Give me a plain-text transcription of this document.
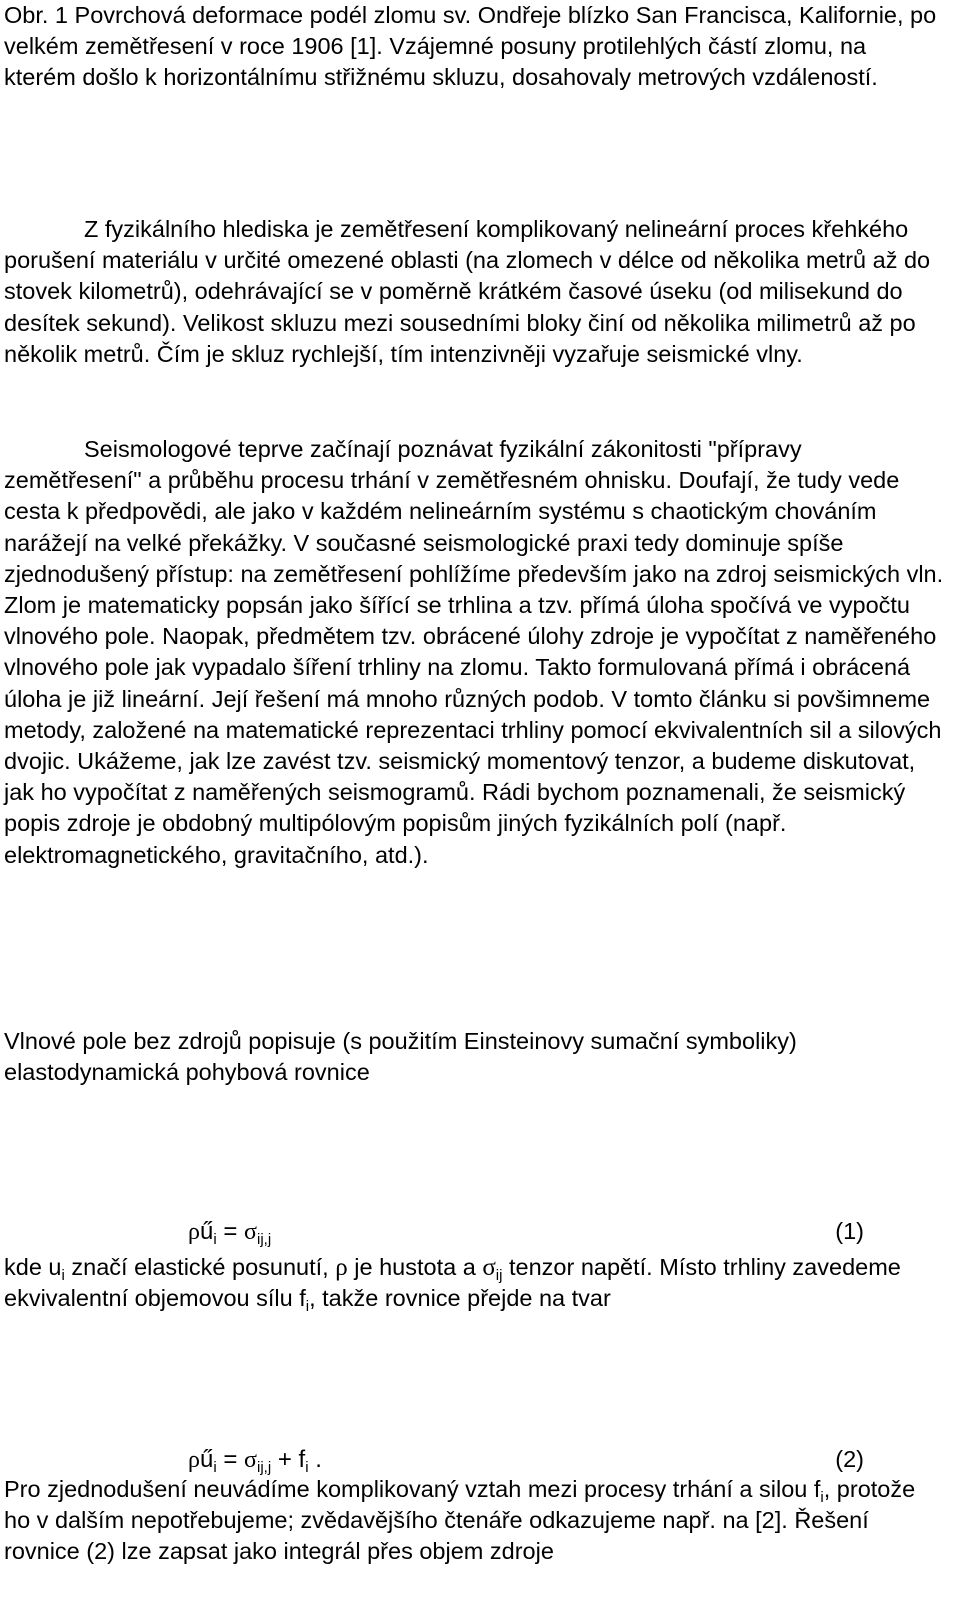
Obr. 1 Povrchová deformace podél zlomu sv. Ondřeje blízko San Francisca, Kalifornie, po velkém zemětřesení v roce 1906 [1]. Vzájemné posuny protilehlých částí zlomu, na kterém došlo k horizontálnímu střižnému skluzu, dosahovaly metrových vzdáleností.

Z fyzikálního hlediska je zemětřesení komplikovaný nelineární proces křehkého porušení materiálu v určité omezené oblasti (na zlomech v délce od několika metrů až do stovek kilometrů), odehrávající se v poměrně krátkém časové úseku (od milisekund do desítek sekund). Velikost skluzu mezi sousedními bloky činí od několika milimetrů až po několik metrů. Čím je skluz rychlejší, tím intenzivněji vyzařuje seismické vlny.

Seismologové teprve začínají poznávat fyzikální zákonitosti "přípravy zemětřesení" a průběhu procesu trhání v zemětřesném ohnisku. Doufají, že tudy vede cesta k předpovědi, ale jako v každém nelineárním systému s chaotickým chováním narážejí na velké překážky. V současné seismologické praxi tedy dominuje spíše zjednodušený přístup: na zemětřesení pohlížíme především jako na zdroj seismických vln. Zlom je matematicky popsán jako šířící se trhlina a tzv. přímá úloha spočívá ve vypočtu vlnového pole. Naopak, předmětem tzv. obrácené úlohy zdroje je vypočítat z naměřeného vlnového pole jak vypadalo šíření trhliny na zlomu. Takto formulovaná přímá i obrácená úloha je již lineární. Její řešení má mnoho různých podob. V tomto článku si povšimneme metody, založené na matematické reprezentaci trhliny pomocí ekvivalentních sil a silových dvojic. Ukážeme, jak lze zavést tzv. seismický momentový tenzor, a budeme diskutovat, jak ho vypočítat z naměřených seismogramů. Rádi bychom poznamenali, že seismický popis zdroje je obdobný multipólovým popisům jiných fyzikálních polí (např. elektromagnetického, gravitačního, atd.).

Vlnové pole bez zdrojů popisuje (s použitím Einsteinovy sumační symboliky) elastodynamická pohybová rovnice

$\rho ű_i = \sigma_{ij,j}$	(1)

kde $u_i$ značí elastické posunutí, ρ je hustota a $\sigma_{ij}$ tenzor napětí. Místo trhliny zavedeme ekvivalentní objemovou sílu $f_i$, takže rovnice přejde na tvar

$\rho ű_i = \sigma_{ij,j} + f_i$ .	(2)

Pro zjednodušení neuvádíme komplikovaný vztah mezi procesy trhání a silou $f_i$, protože ho v dalším nepotřebujeme; zvědavějšího čtenáře odkazujeme např. na [2]. Řešení rovnice (2) lze zapsat jako integrál přes objem zdroje
